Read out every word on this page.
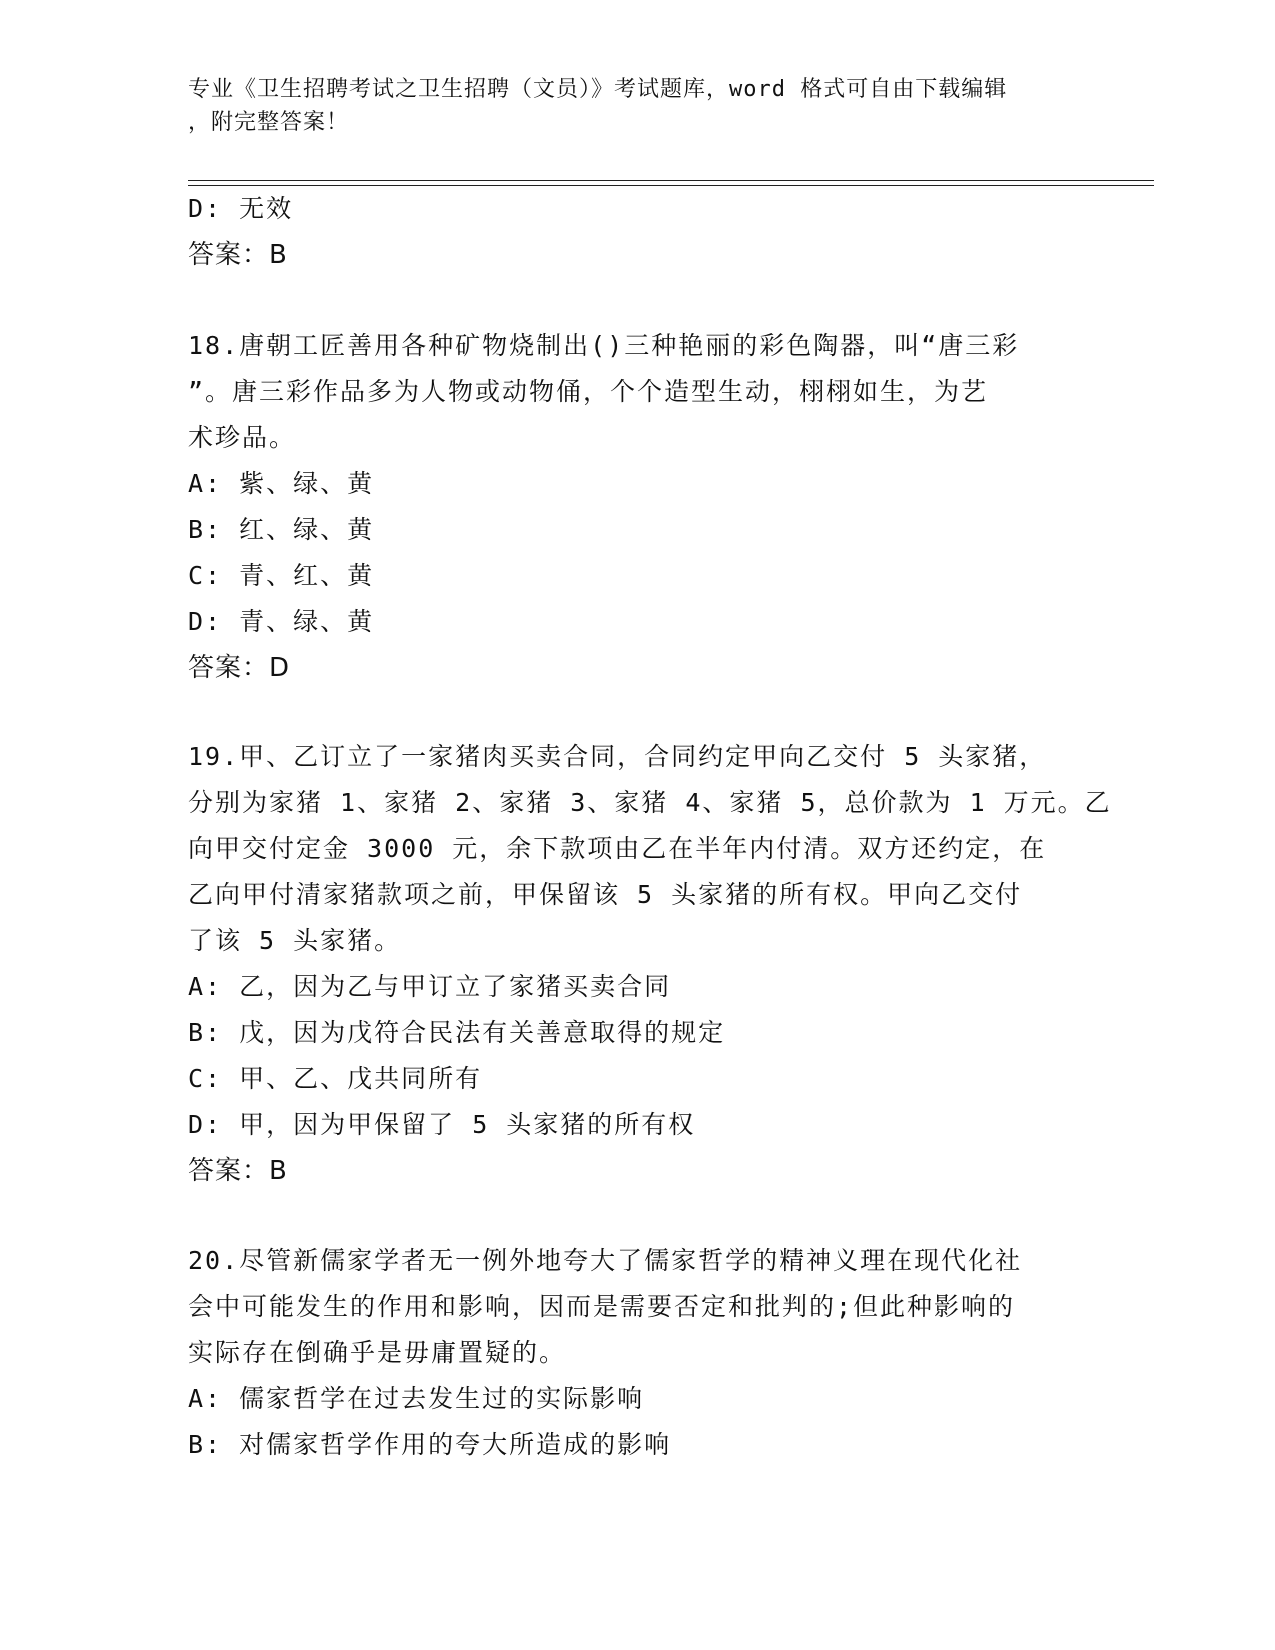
专业《卫生招聘考试之卫生招聘（文员）》考试题库，word 格式可自由下载编辑
，附完整答案！
D: 无效
答案：B
18.唐朝工匠善用各种矿物烧制出()三种艳丽的彩色陶器，叫“唐三彩
”。唐三彩作品多为人物或动物俑，个个造型生动，栩栩如生，为艺
术珍品。
A: 紫、绿、黄
B: 红、绿、黄
C: 青、红、黄
D: 青、绿、黄
答案：D
19.甲、乙订立了一家猪肉买卖合同，合同约定甲向乙交付 5 头家猪，
分别为家猪 1、家猪 2、家猪 3、家猪 4、家猪 5，总价款为 1 万元。乙
向甲交付定金 3000 元，余下款项由乙在半年内付清。双方还约定，在
乙向甲付清家猪款项之前，甲保留该 5 头家猪的所有权。甲向乙交付
了该 5 头家猪。
A: 乙，因为乙与甲订立了家猪买卖合同
B: 戊，因为戊符合民法有关善意取得的规定
C: 甲、乙、戊共同所有
D: 甲，因为甲保留了 5 头家猪的所有权
答案：B
20.尽管新儒家学者无一例外地夸大了儒家哲学的精神义理在现代化社
会中可能发生的作用和影响，因而是需要否定和批判的;但此种影响的
实际存在倒确乎是毋庸置疑的。
A: 儒家哲学在过去发生过的实际影响
B: 对儒家哲学作用的夸大所造成的影响
